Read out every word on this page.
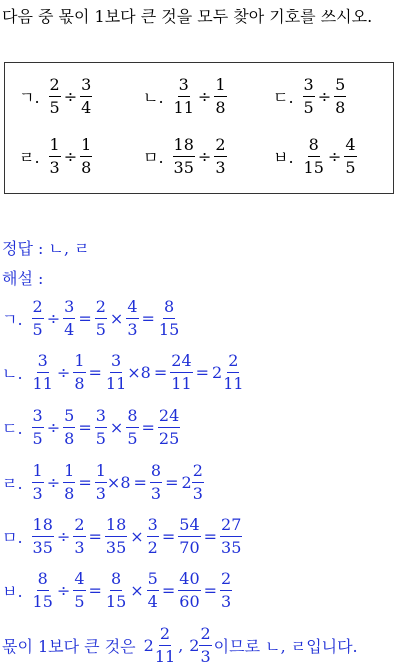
다음 중 몫이 1보다 큰 것을 모두 찾아 기호를 쓰시오.
ㄱ. $\frac{2}{5} \div \frac{3}{4}$	ㄴ. $\frac{3}{11} \div \frac{1}{8}$	ㄷ. $\frac{3}{5} \div \frac{5}{8}$
ㄹ. $\frac{1}{3} \div \frac{1}{8}$	ㅁ. $\frac{18}{35} \div \frac{2}{3}$	ㅂ. $\frac{8}{15} \div \frac{4}{5}$
정답 : ㄴ, ㄹ
해설 :
ㄱ. $\frac{2}{5} \div \frac{3}{4} = \frac{2}{5} \times \frac{4}{3} = \frac{8}{15}$
ㄴ. $\frac{3}{11} \div \frac{1}{8} = \frac{3}{11} \times 8 = \frac{24}{11} = 2 \frac{2}{11}$
ㄷ. $\frac{3}{5} \div \frac{5}{8} = \frac{3}{5} \times \frac{8}{5} = \frac{24}{25}$
ㄹ. $\frac{1}{3} \div \frac{1}{8} = \frac{1}{3} \times 8 = \frac{8}{3} = 2 \frac{2}{3}$
ㅁ. $\frac{18}{35} \div \frac{2}{3} = \frac{18}{35} \times \frac{3}{2} = \frac{54}{70} = \frac{27}{35}$
ㅂ. $\frac{8}{15} \div \frac{4}{5} = \frac{8}{15} \times \frac{5}{4} = \frac{40}{60} = \frac{2}{3}$
몫이 1보다 큰 것은 $2 \frac{2}{11}$ , $2 \frac{2}{3}$ 이므로 ㄴ, ㄹ입니다.
